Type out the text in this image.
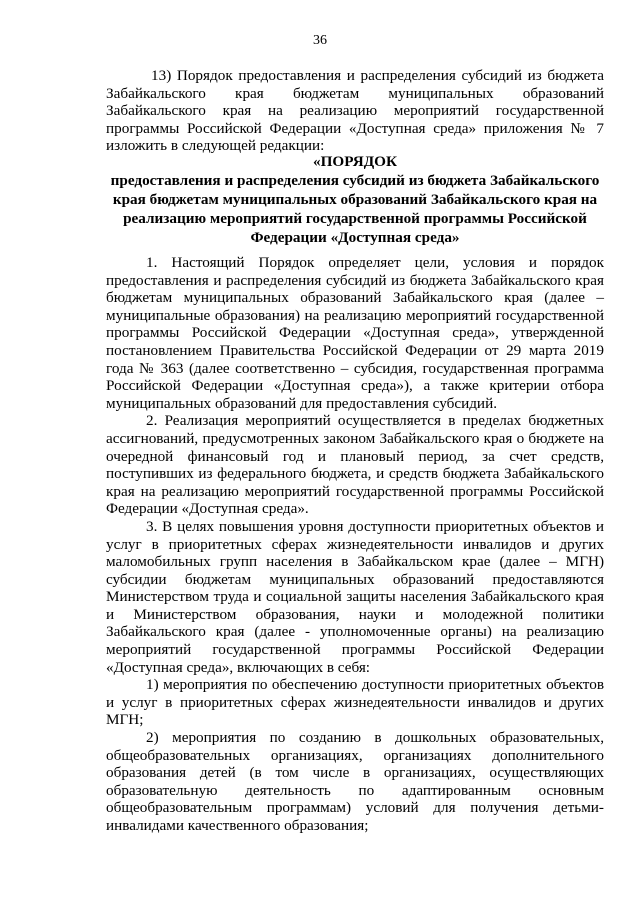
36

13) Порядок предоставления и распределения субсидий из бюджета Забайкальского края бюджетам муниципальных образований Забайкальского края на реализацию мероприятий государственной программы Российской Федерации «Доступная среда» приложения № 7 изложить в следующей редакции:

«ПОРЯДОК
предоставления и распределения субсидий из бюджета Забайкальского края бюджетам муниципальных образований Забайкальского края на реализацию мероприятий государственной программы Российской Федерации «Доступная среда»

1. Настоящий Порядок определяет цели, условия и порядок предоставления и распределения субсидий из бюджета Забайкальского края бюджетам муниципальных образований Забайкальского края (далее – муниципальные образования) на реализацию мероприятий государственной программы Российской Федерации «Доступная среда», утвержденной постановлением Правительства Российской Федерации от 29 марта 2019 года № 363 (далее соответственно – субсидия, государственная программа Российской Федерации «Доступная среда»), а также критерии отбора муниципальных образований для предоставления субсидий.

2. Реализация мероприятий осуществляется в пределах бюджетных ассигнований, предусмотренных законом Забайкальского края о бюджете на очередной финансовый год и плановый период, за счет средств, поступивших из федерального бюджета, и средств бюджета Забайкальского края на реализацию мероприятий государственной программы Российской Федерации «Доступная среда».

3. В целях повышения уровня доступности приоритетных объектов и услуг в приоритетных сферах жизнедеятельности инвалидов и других маломобильных групп населения в Забайкальском крае (далее – МГН) субсидии бюджетам муниципальных образований предоставляются Министерством труда и социальной защиты населения Забайкальского края и Министерством образования, науки и молодежной политики Забайкальского края (далее - уполномоченные органы) на реализацию мероприятий государственной программы Российской Федерации «Доступная среда», включающих в себя:

1) мероприятия по обеспечению доступности приоритетных объектов и услуг в приоритетных сферах жизнедеятельности инвалидов и других МГН;

2) мероприятия по созданию в дошкольных образовательных, общеобразовательных организациях, организациях дополнительного образования детей (в том числе в организациях, осуществляющих образовательную деятельность по адаптированным основным общеобразовательным программам) условий для получения детьми-инвалидами качественного образования;
